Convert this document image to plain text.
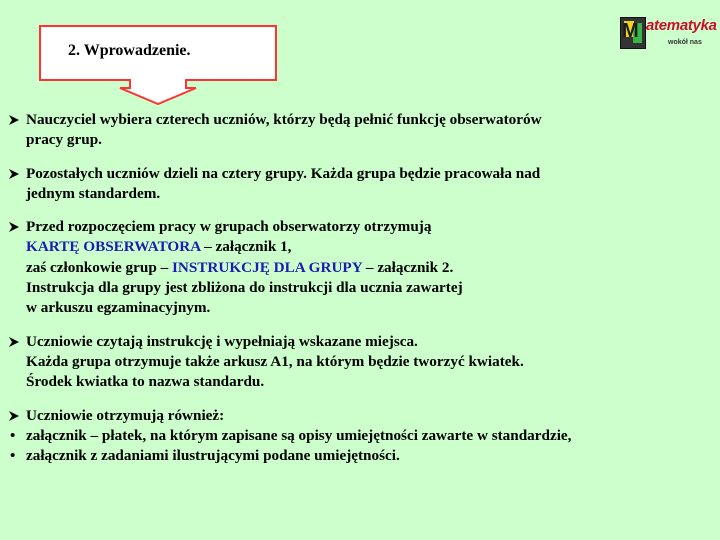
2. Wprowadzenie.
M atematyka
wokół nas
Nauczyciel wybiera czterech uczniów, którzy będą pełnić funkcję obserwatorów
pracy grup.
Pozostałych uczniów dzieli na cztery grupy. Każda grupa będzie pracowała nad
jednym standardem.
Przed rozpoczęciem pracy w grupach obserwatorzy otrzymują
KARTĘ OBSERWATORA – załącznik 1,
zaś członkowie grup – INSTRUKCJĘ DLA GRUPY – załącznik 2.
Instrukcja dla grupy jest zbliżona do instrukcji dla ucznia zawartej
w arkuszu egzaminacyjnym.
Uczniowie czytają instrukcję i wypełniają wskazane miejsca.
Każda grupa otrzymuje także arkusz A1, na którym będzie tworzyć kwiatek.
Środek kwiatka to nazwa standardu.
Uczniowie otrzymują również:
• załącznik – płatek, na którym zapisane są opisy umiejętności zawarte w standardzie,
• załącznik z zadaniami ilustrującymi podane umiejętności.
